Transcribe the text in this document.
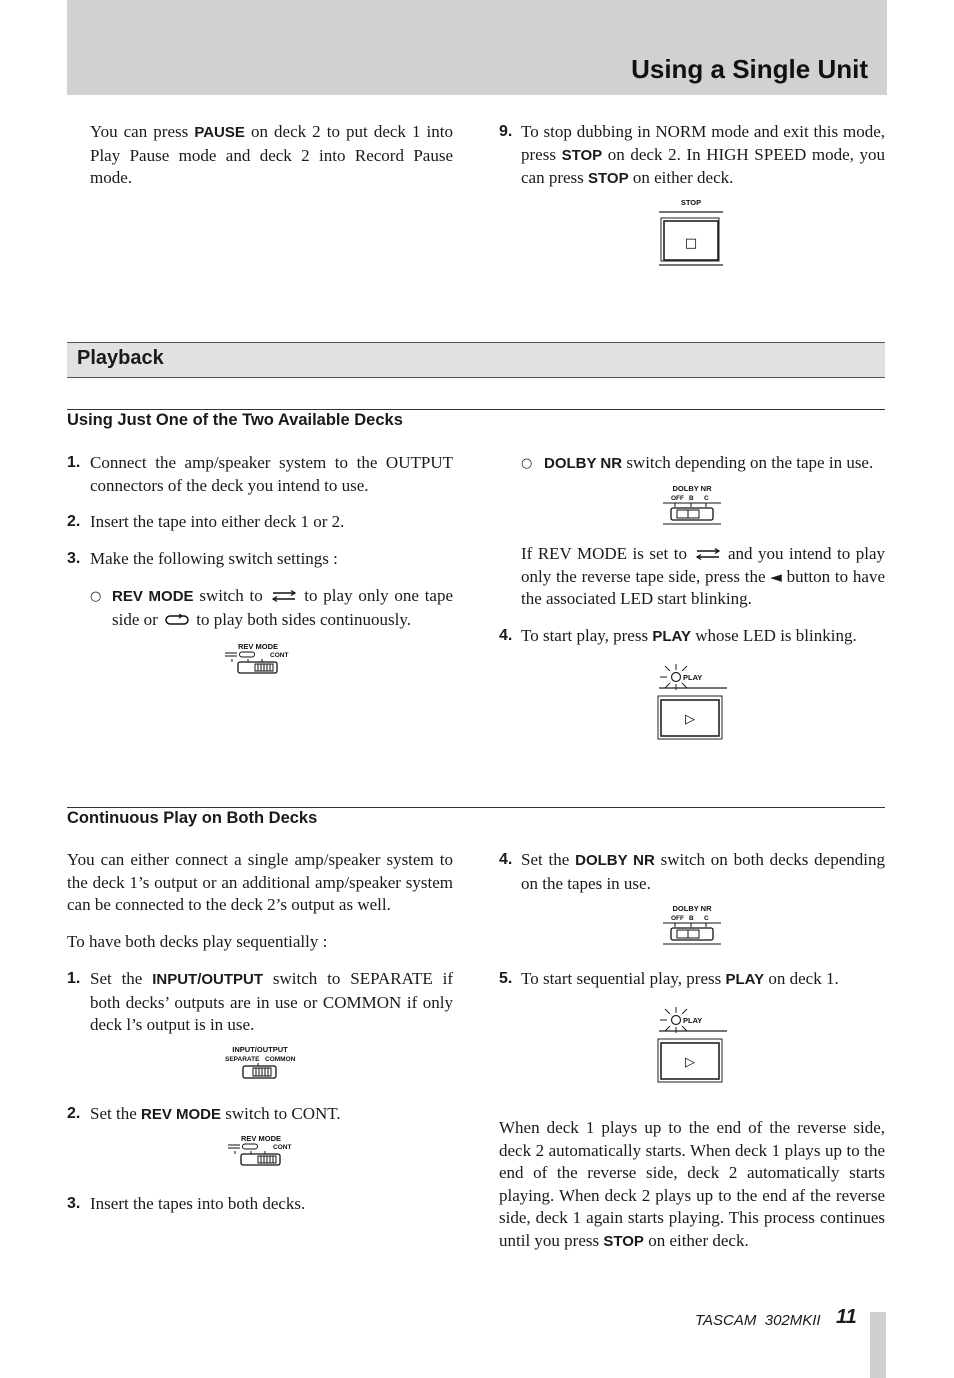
Using a Single Unit
You can press PAUSE on deck 2 to put deck 1 into Play Pause mode and deck 2 into Record Pause mode.
9. To stop dubbing in NORM mode and exit this mode, press STOP on deck 2. In HIGH SPEED mode, you can press STOP on either deck.
STOP
□
Playback
Using Just One of the Two Available Decks
1. Connect the amp/speaker system to the OUTPUT connectors of the deck you intend to use.
2. Insert the tape into either deck 1 or 2.
3. Make the following switch settings :
○ REV MODE switch to  to play only one tape side or  to play both sides continuously.
REV MODE
CONT
○ DOLBY NR switch depending on the tape in use.
DOLBY NR
OFF B C
If REV MODE is set to  and you intend to play only the reverse tape side, press the ◄ button to have the associated LED start blinking.
4. To start play, press PLAY whose LED is blinking.
PLAY
▷
Continuous Play on Both Decks
You can either connect a single amp/speaker system to the deck 1’s output or an additional amp/speaker system can be connected to the deck 2’s output as well.
To have both decks play sequentially :
1. Set the INPUT/OUTPUT switch to SEPARATE if both decks’ outputs are in use or COMMON if only deck l’s output is in use.
INPUT/OUTPUT
SEPARATE COMMON
2. Set the REV MODE switch to CONT.
REV MODE
CONT
3. Insert the tapes into both decks.
4. Set the DOLBY NR switch on both decks depending on the tapes in use.
DOLBY NR
OFF B C
5. To start sequential play, press PLAY on deck 1.
PLAY
▷
When deck 1 plays up to the end of the reverse side, deck 2 automatically starts. When deck 1 plays up to the end of the reverse side, deck 2 automatically starts playing. When deck 2 plays up to the end af the reverse side, deck 1 again starts playing. This process continues until you press STOP on either deck.
TASCAM  302MKII 11
